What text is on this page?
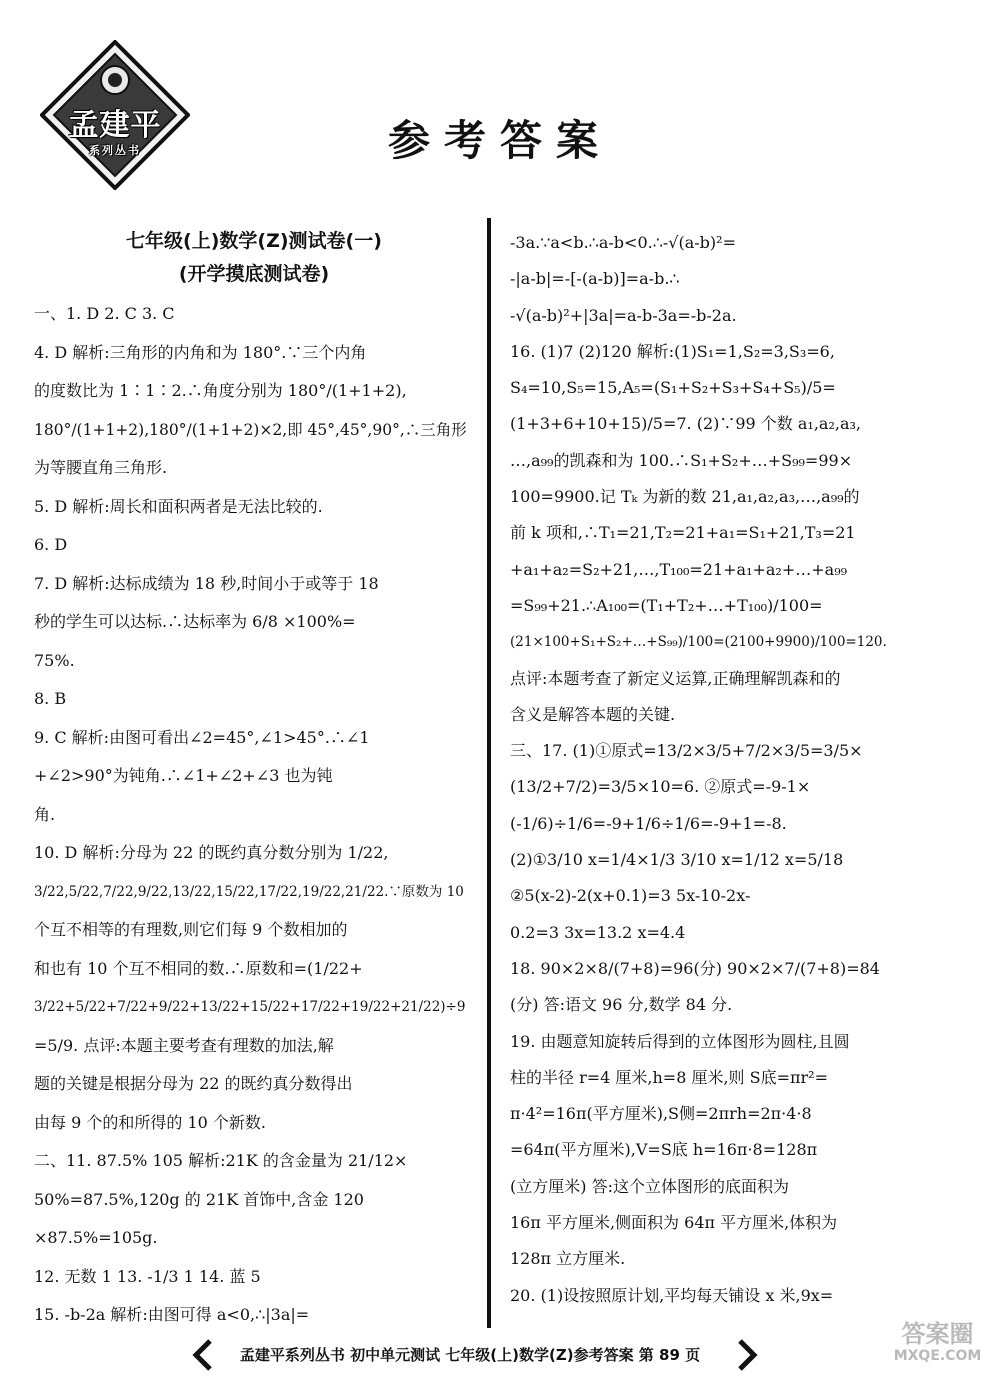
孟建平
系列丛书	参考答案
七年级(上)数学(Z)测试卷(一)
(开学摸底测试卷)
一、1. D 2. C 3. C
4. D 解析:三角形的内角和为 180°.∵三个内角
的度数比为 1∶1∶2.∴角度分别为 180°/(1+1+2),
180°/(1+1+2),180°/(1+1+2)×2,即 45°,45°,90°,∴三角形
为等腰直角三角形.
5. D 解析:周长和面积两者是无法比较的.
6. D
7. D 解析:达标成绩为 18 秒,时间小于或等于 18
秒的学生可以达标.∴达标率为 6/8 ×100%=
75%.
8. B
9. C 解析:由图可看出∠2=45°,∠1>45°.∴∠1
+∠2>90°为钝角.∴∠1+∠2+∠3 也为钝
角.
10. D 解析:分母为 22 的既约真分数分别为 1/22,
3/22,5/22,7/22,9/22,13/22,15/22,17/22,19/22,21/22.∵原数为 10
个互不相等的有理数,则它们每 9 个数相加的
和也有 10 个互不相同的数.∴原数和=(1/22+
3/22+5/22+7/22+9/22+13/22+15/22+17/22+19/22+21/22)÷9
=5/9. 点评:本题主要考查有理数的加法,解
题的关键是根据分母为 22 的既约真分数得出
由每 9 个的和所得的 10 个新数.
二、11. 87.5% 105 解析:21K 的含金量为 21/12×
50%=87.5%,120g 的 21K 首饰中,含金 120
×87.5%=105g.
12. 无数 1 13. -1/3 1 14. 蓝 5
15. -b-2a 解析:由图可得 a<0,∴|3a|=
-3a.∵a<b.∴a-b<0.∴-√(a-b)²=
-|a-b|=-[-(a-b)]=a-b.∴
-√(a-b)²+|3a|=a-b-3a=-b-2a.
16. (1)7 (2)120 解析:(1)S₁=1,S₂=3,S₃=6,
S₄=10,S₅=15,A₅=(S₁+S₂+S₃+S₄+S₅)/5=
(1+3+6+10+15)/5=7. (2)∵99 个数 a₁,a₂,a₃,
…,a₉₉的凯森和为 100.∴S₁+S₂+…+S₉₉=99×
100=9900.记 Tₖ 为新的数 21,a₁,a₂,a₃,…,a₉₉的
前 k 项和,∴T₁=21,T₂=21+a₁=S₁+21,T₃=21
+a₁+a₂=S₂+21,…,T₁₀₀=21+a₁+a₂+…+a₉₉
=S₉₉+21.∴A₁₀₀=(T₁+T₂+…+T₁₀₀)/100=
(21×100+S₁+S₂+…+S₉₉)/100=(2100+9900)/100=120.
点评:本题考查了新定义运算,正确理解凯森和的
含义是解答本题的关键.
三、17. (1)①原式=13/2×3/5+7/2×3/5=3/5×
(13/2+7/2)=3/5×10=6. ②原式=-9-1×
(-1/6)÷1/6=-9+1/6÷1/6=-9+1=-8.
(2)①3/10 x=1/4×1/3 3/10 x=1/12 x=5/18
②5(x-2)-2(x+0.1)=3 5x-10-2x-
0.2=3 3x=13.2 x=4.4
18. 90×2×8/(7+8)=96(分) 90×2×7/(7+8)=84
(分) 答:语文 96 分,数学 84 分.
19. 由题意知旋转后得到的立体图形为圆柱,且圆
柱的半径 r=4 厘米,h=8 厘米,则 S底=πr²=
π·4²=16π(平方厘米),S侧=2πrh=2π·4·8
=64π(平方厘米),V=S底 h=16π·8=128π
(立方厘米) 答:这个立体图形的底面积为
16π 平方厘米,侧面积为 64π 平方厘米,体积为
128π 立方厘米.
20. (1)设按照原计划,平均每天铺设 x 米,9x=
孟建平系列丛书 初中单元测试 七年级(上)数学(Z)参考答案 第 89 页
答案圈
MXQE.COM
